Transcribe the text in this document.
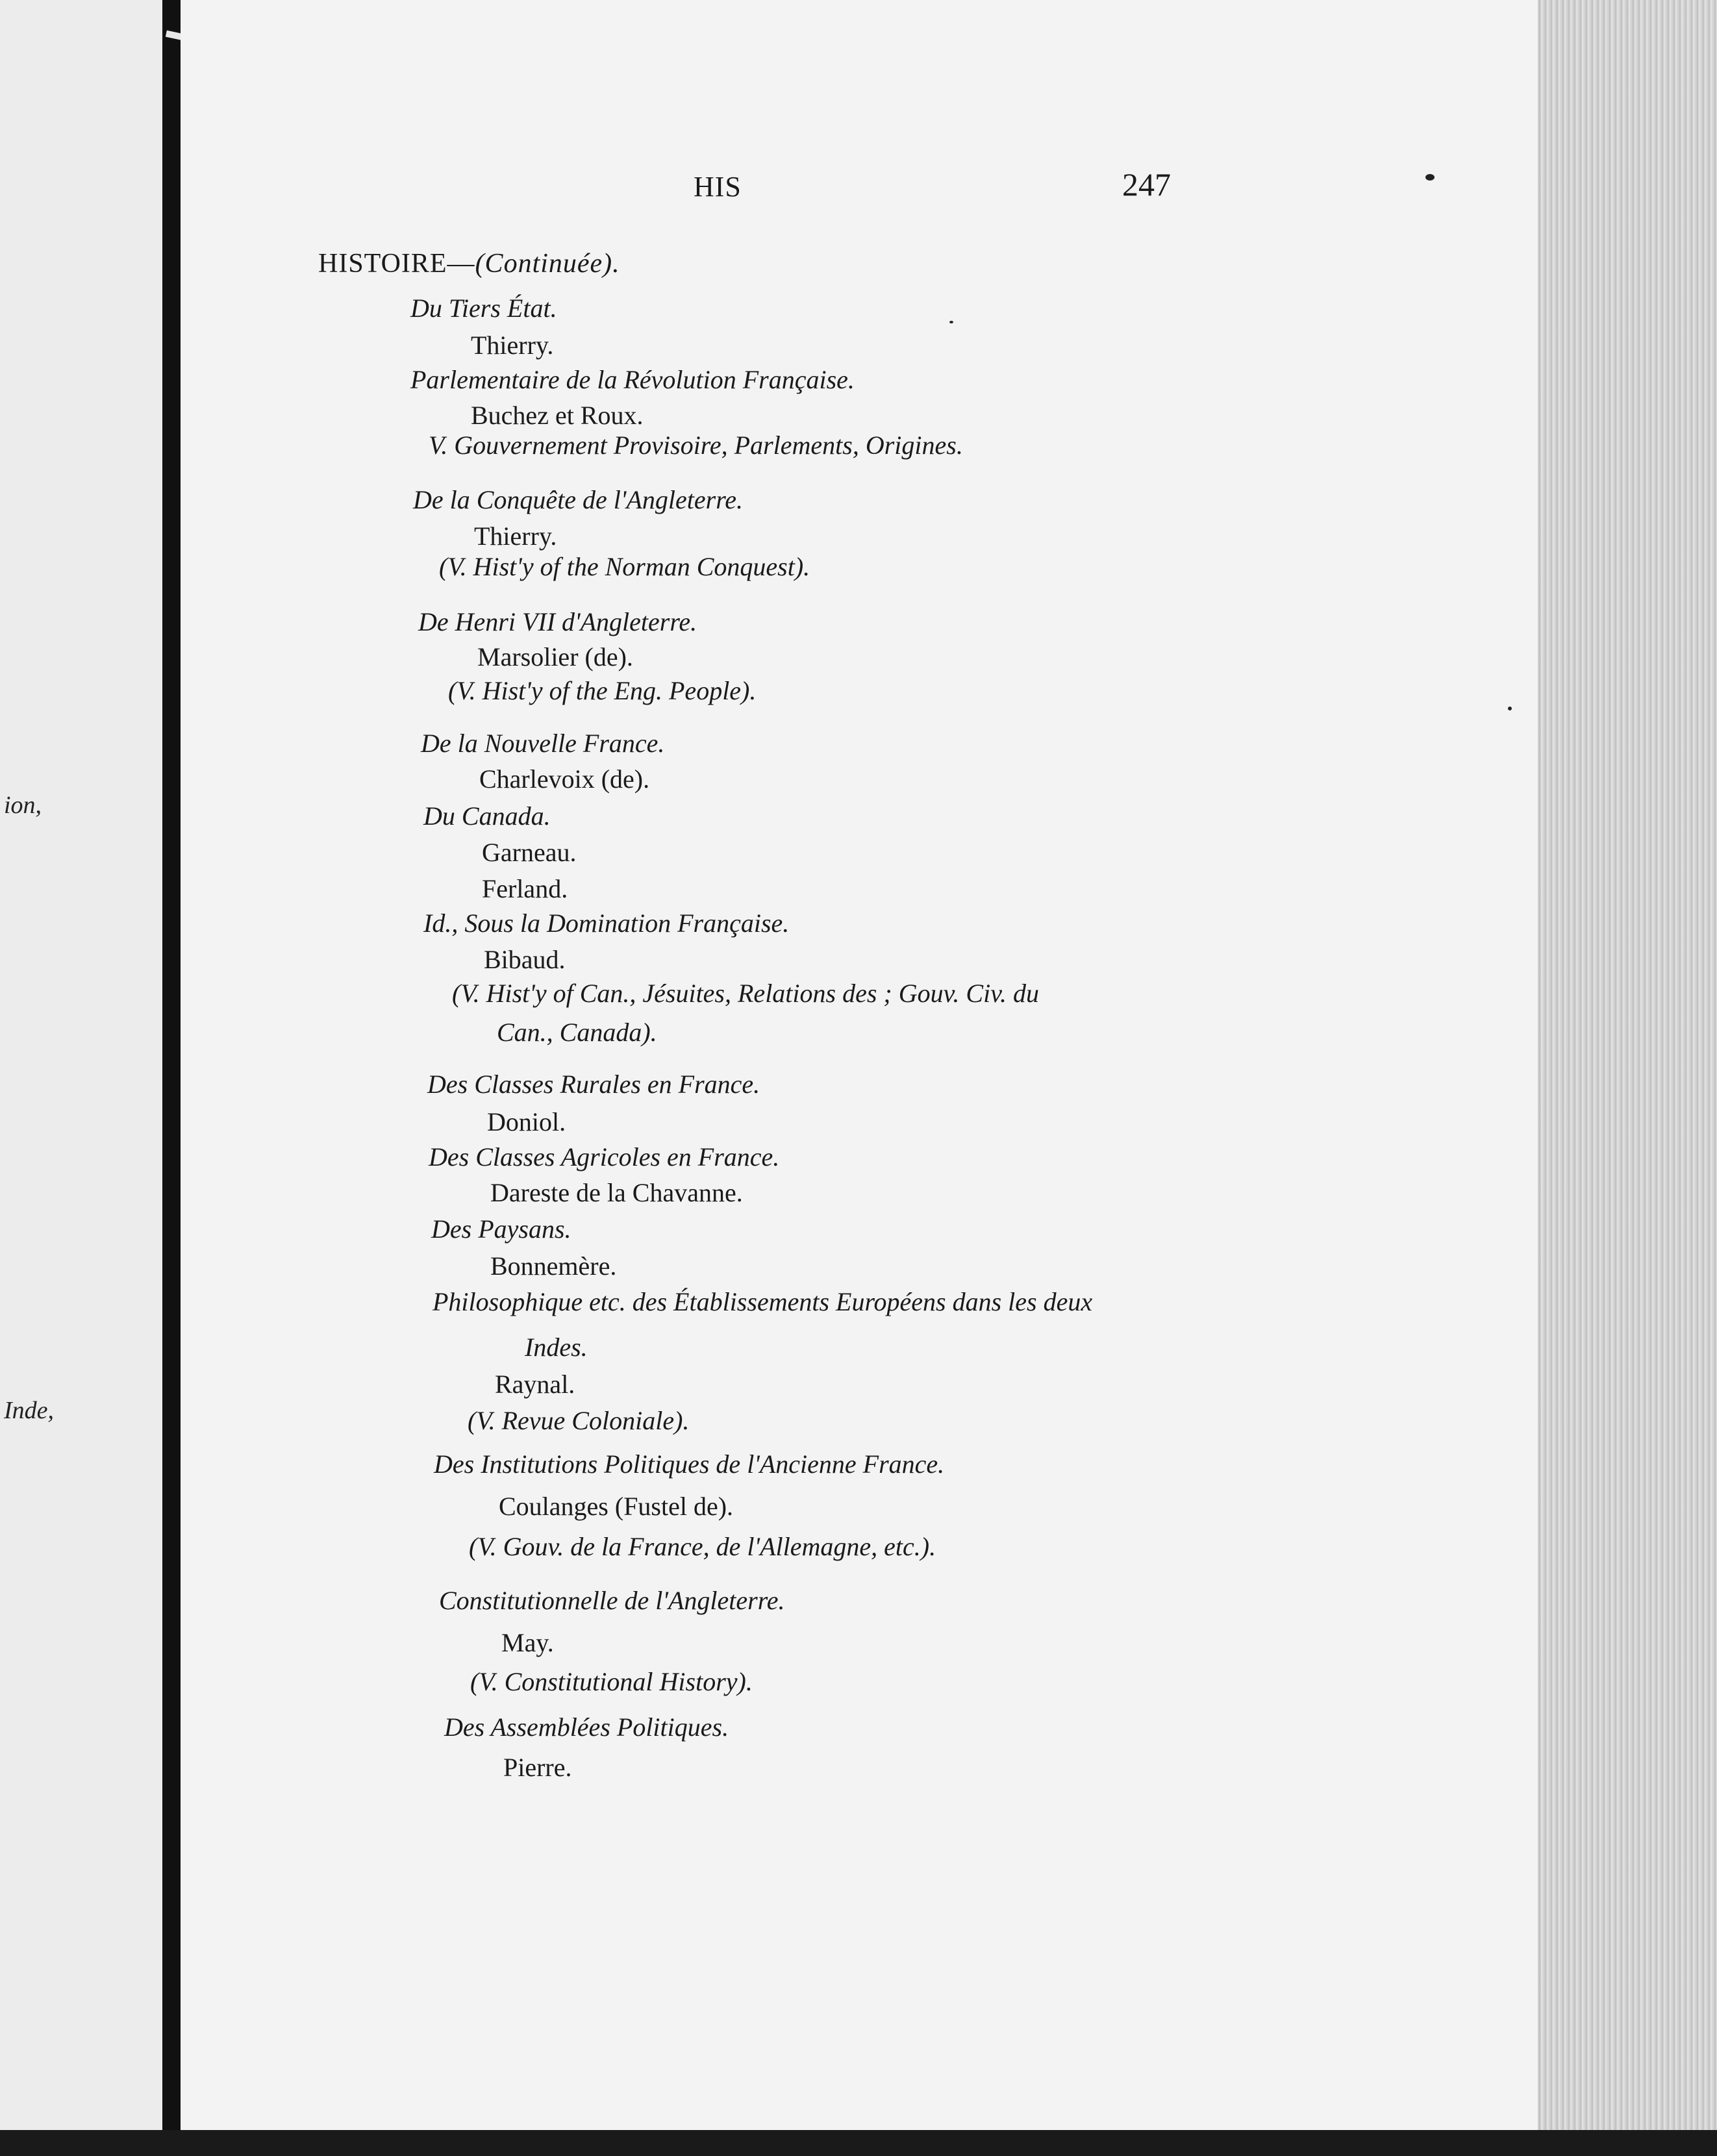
ion,
Inde,
HIS	247
HISTOIRE—(Continuée).
Du Tiers État.
Thierry.
Parlementaire de la Révolution Française.
Buchez et Roux.
V. Gouvernement Provisoire, Parlements, Origines.
De la Conquête de l'Angleterre.
Thierry.
(V. Hist'y of the Norman Conquest).
De Henri VII d'Angleterre.
Marsolier (de).
(V. Hist'y of the Eng. People).
De la Nouvelle France.
Charlevoix (de).
Du Canada.
Garneau.
Ferland.
Id., Sous la Domination Française.
Bibaud.
(V. Hist'y of Can., Jésuites, Relations des ; Gouv. Civ. du
Can., Canada).
Des Classes Rurales en France.
Doniol.
Des Classes Agricoles en France.
Dareste de la Chavanne.
Des Paysans.
Bonnemère.
Philosophique etc. des Établissements Européens dans les deux
Indes.
Raynal.
(V. Revue Coloniale).
Des Institutions Politiques de l'Ancienne France.
Coulanges (Fustel de).
(V. Gouv. de la France, de l'Allemagne, etc.).
Constitutionnelle de l'Angleterre.
May.
(V. Constitutional History).
Des Assemblées Politiques.
Pierre.
